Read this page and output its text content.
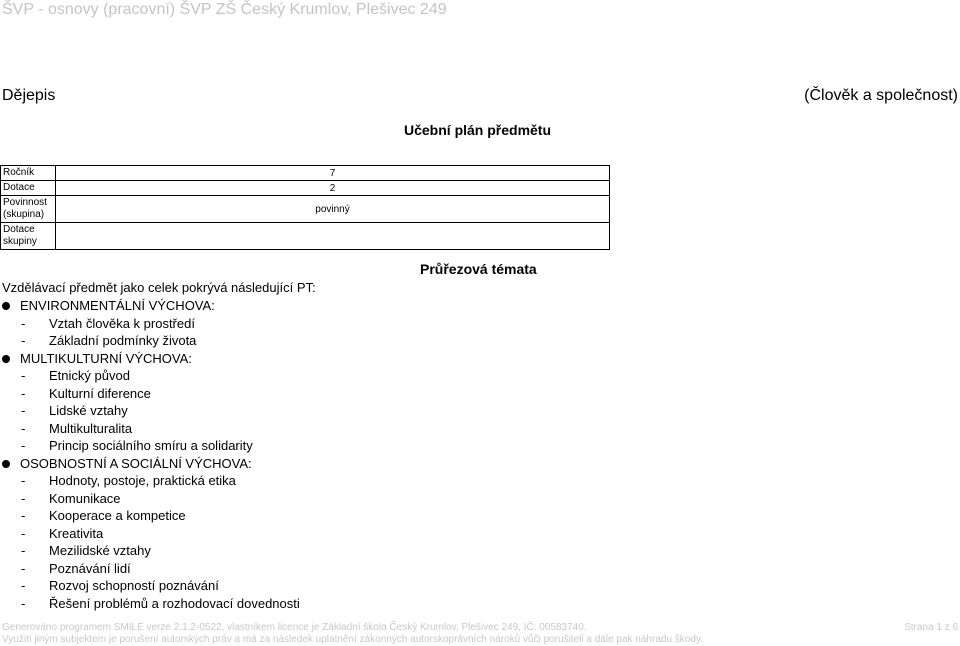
ŠVP - osnovy (pracovní) ŠVP ZŠ Český Krumlov, Plešivec 249
Dějepis	(Člověk a společnost)
Učební plán předmětu
Ročník	7
Dotace	2
Povinnost (skupina)	povinný
Dotace skupiny	
Průřezová témata
Vzdělávací předmět jako celek pokrývá následující PT:
ENVIRONMENTÁLNÍ VÝCHOVA:
- Vztah člověka k prostředí
- Základní podmínky života
MULTIKULTURNÍ VÝCHOVA:
- Etnický původ
- Kulturní diference
- Lidské vztahy
- Multikulturalita
- Princip sociálního smíru a solidarity
OSOBNOSTNÍ A SOCIÁLNÍ VÝCHOVA:
- Hodnoty, postoje, praktická etika
- Komunikace
- Kooperace a kompetice
- Kreativita
- Mezilidské vztahy
- Poznávání lidí
- Rozvoj schopností poznávání
- Řešení problémů a rozhodovací dovednosti
Generováno programem SMILE verze 2.1.2-0522, vlastníkem licence je Základní škola Český Krumlov, Plešivec 249, IČ: 00583740.	Strana 1 z 6
Využití jiným subjektem je porušení autorských práv a má za následek uplatnění zákonných autorskoprávních nároků vůči porušiteli a dále pak náhradu škody.
